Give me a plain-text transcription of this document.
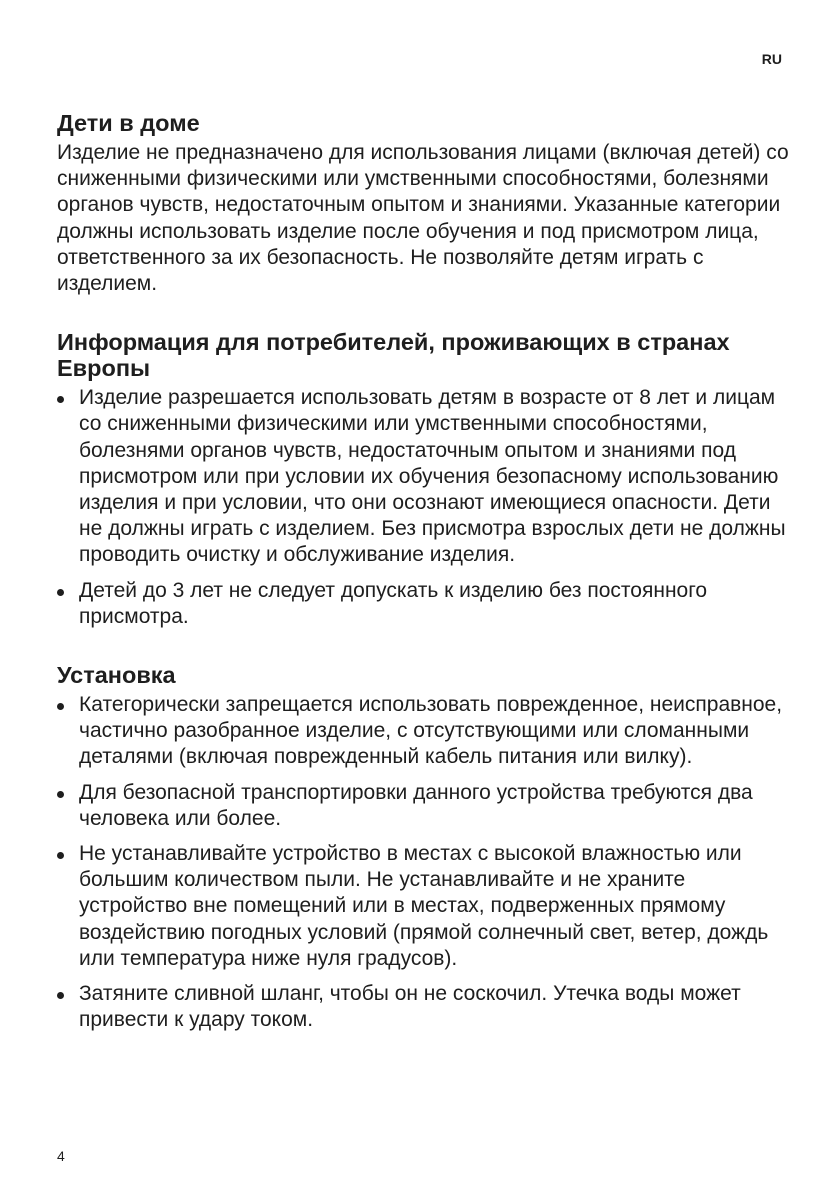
RU
Дети в доме

Изделие не предназначено для использования лицами (включая детей) со сниженными физическими или умственными способностями, болезнями органов чувств, недостаточным опытом и знаниями. Указанные категории должны использовать изделие после обучения и под присмотром лица, ответственного за их безопасность. Не позволяйте детям играть с изделием.

Информация для потребителей, проживающих в странах Европы
Изделие разрешается использовать детям в возрасте от 8 лет и лицам со сниженными физическими или умственными способностями, болезнями органов чувств, недостаточным опытом и знаниями под присмотром или при условии их обучения безопасному использованию изделия и при условии, что они осознают имеющиеся опасности. Дети не должны играть с изделием. Без присмотра взрослых дети не должны проводить очистку и обслуживание изделия.
Детей до 3 лет не следует допускать к изделию без постоянного присмотра.
Установка
Категорически запрещается использовать поврежденное, неисправное, частично разобранное изделие, с отсутствующими или сломанными деталями (включая поврежденный кабель питания или вилку).
Для безопасной транспортировки данного устройства требуются два человека или более.
Не устанавливайте устройство в местах с высокой влажностью или большим количеством пыли. Не устанавливайте и не храните устройство вне помещений или в местах, подверженных прямому воздействию погодных условий (прямой солнечный свет, ветер, дождь или температура ниже нуля градусов).
Затяните сливной шланг, чтобы он не соскочил. Утечка воды может привести к удару током.
4
